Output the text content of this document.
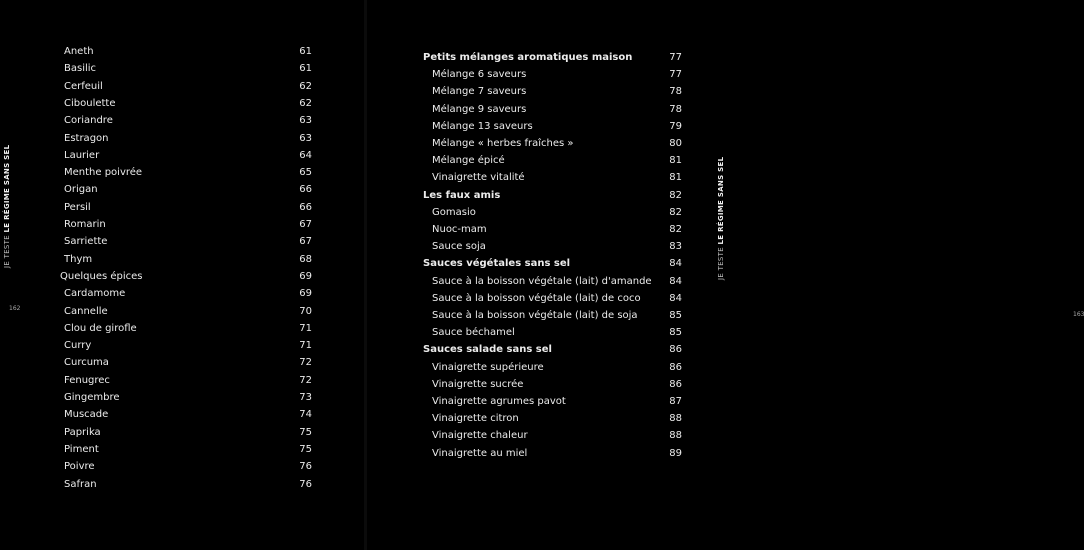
JE TESTE LE RÉGIME SANS SEL
162
Aneth	61
Basilic	61
Cerfeuil	62
Ciboulette	62
Coriandre	63
Estragon	63
Laurier	64
Menthe poivrée	65
Origan	66
Persil	66
Romarin	67
Sarriette	67
Thym	68
Quelques épices	69
Cardamome	69
Cannelle	70
Clou de girofle	71
Curry	71
Curcuma	72
Fenugrec	72
Gingembre	73
Muscade	74
Paprika	75
Piment	75
Poivre	76
Safran	76
163
Petits mélanges aromatiques maison	77
Mélange 6 saveurs	77
Mélange 7 saveurs	78
Mélange 9 saveurs	78
Mélange 13 saveurs	79
Mélange « herbes fraîches »	80
Mélange épicé	81
Vinaigrette vitalité	81
Les faux amis	82
Gomasio	82
Nuoc-mam	82
Sauce soja	83
Sauces végétales sans sel	84
Sauce à la boisson végétale (lait) d'amande 84
Sauce à la boisson végétale (lait) de coco	84
Sauce à la boisson végétale (lait) de soja	85
Sauce béchamel	85
Sauces salade sans sel	86
Vinaigrette supérieure	86
Vinaigrette sucrée	86
Vinaigrette agrumes pavot	87
Vinaigrette citron	88
Vinaigrette chaleur	88
Vinaigrette au miel	89
JE TESTE LE RÉGIME SANS SEL
